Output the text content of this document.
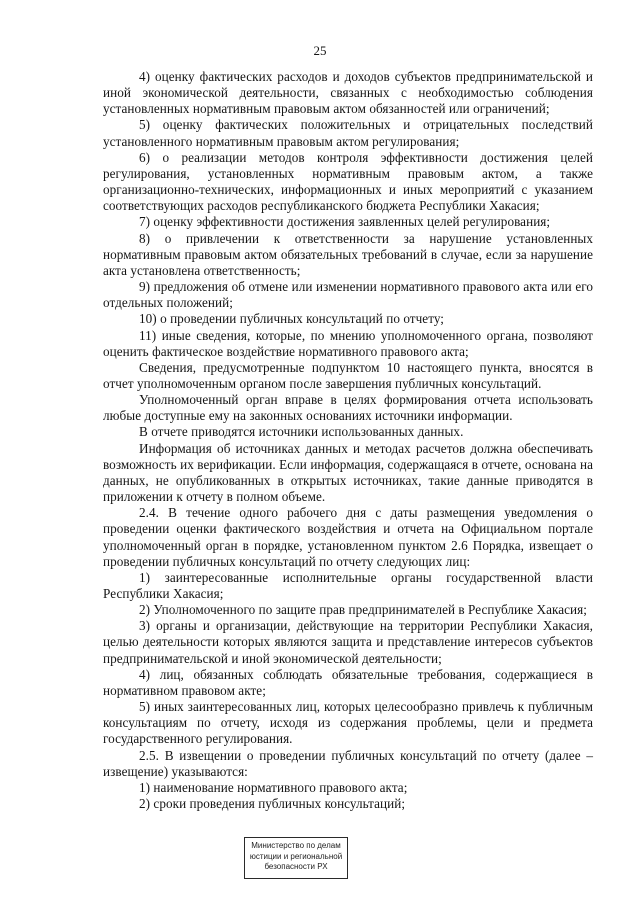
25

4) оценку фактических расходов и доходов субъектов предпринимательской и иной экономической деятельности, связанных с необходимостью соблюдения установленных нормативным правовым актом обязанностей или ограничений;

5) оценку фактических положительных и отрицательных последствий установленного нормативным правовым актом регулирования;

6) о реализации методов контроля эффективности достижения целей регулирования, установленных нормативным правовым актом, а также организационно-технических, информационных и иных мероприятий с указанием соответствующих расходов республиканского бюджета Республики Хакасия;

7) оценку эффективности достижения заявленных целей регулирования;

8) о привлечении к ответственности за нарушение установленных нормативным правовым актом обязательных требований в случае, если за нарушение акта установлена ответственность;

9) предложения об отмене или изменении нормативного правового акта или его отдельных положений;

10) о проведении публичных консультаций по отчету;

11) иные сведения, которые, по мнению уполномоченного органа, позволяют оценить фактическое воздействие нормативного правового акта;

Сведения, предусмотренные подпунктом 10 настоящего пункта, вносятся в отчет уполномоченным органом после завершения публичных консультаций.

Уполномоченный орган вправе в целях формирования отчета использовать любые доступные ему на законных основаниях источники информации.

В отчете приводятся источники использованных данных.

Информация об источниках данных и методах расчетов должна обеспечивать возможность их верификации. Если информация, содержащаяся в отчете, основана на данных, не опубликованных в открытых источниках, такие данные приводятся в приложении к отчету в полном объеме.

2.4. В течение одного рабочего дня с даты размещения уведомления о проведении оценки фактического воздействия и отчета на Официальном портале уполномоченный орган в порядке, установленном пунктом 2.6 Порядка, извещает о проведении публичных консультаций по отчету следующих лиц:

1) заинтересованные исполнительные органы государственной власти Республики Хакасия;

2) Уполномоченного по защите прав предпринимателей в Республике Хакасия;

3) органы и организации, действующие на территории Республики Хакасия, целью деятельности которых являются защита и представление интересов субъектов предпринимательской и иной экономической деятельности;

4) лиц, обязанных соблюдать обязательные требования, содержащиеся в нормативном правовом акте;

5) иных заинтересованных лиц, которых целесообразно привлечь к публичным консультациям по отчету, исходя из содержания проблемы, цели и предмета государственного регулирования.

2.5. В извещении о проведении публичных консультаций по отчету (далее – извещение) указываются:

1) наименование нормативного правового акта;

2) сроки проведения публичных консультаций;

Министерство по делам
юстиции и региональной
безопасности РХ
